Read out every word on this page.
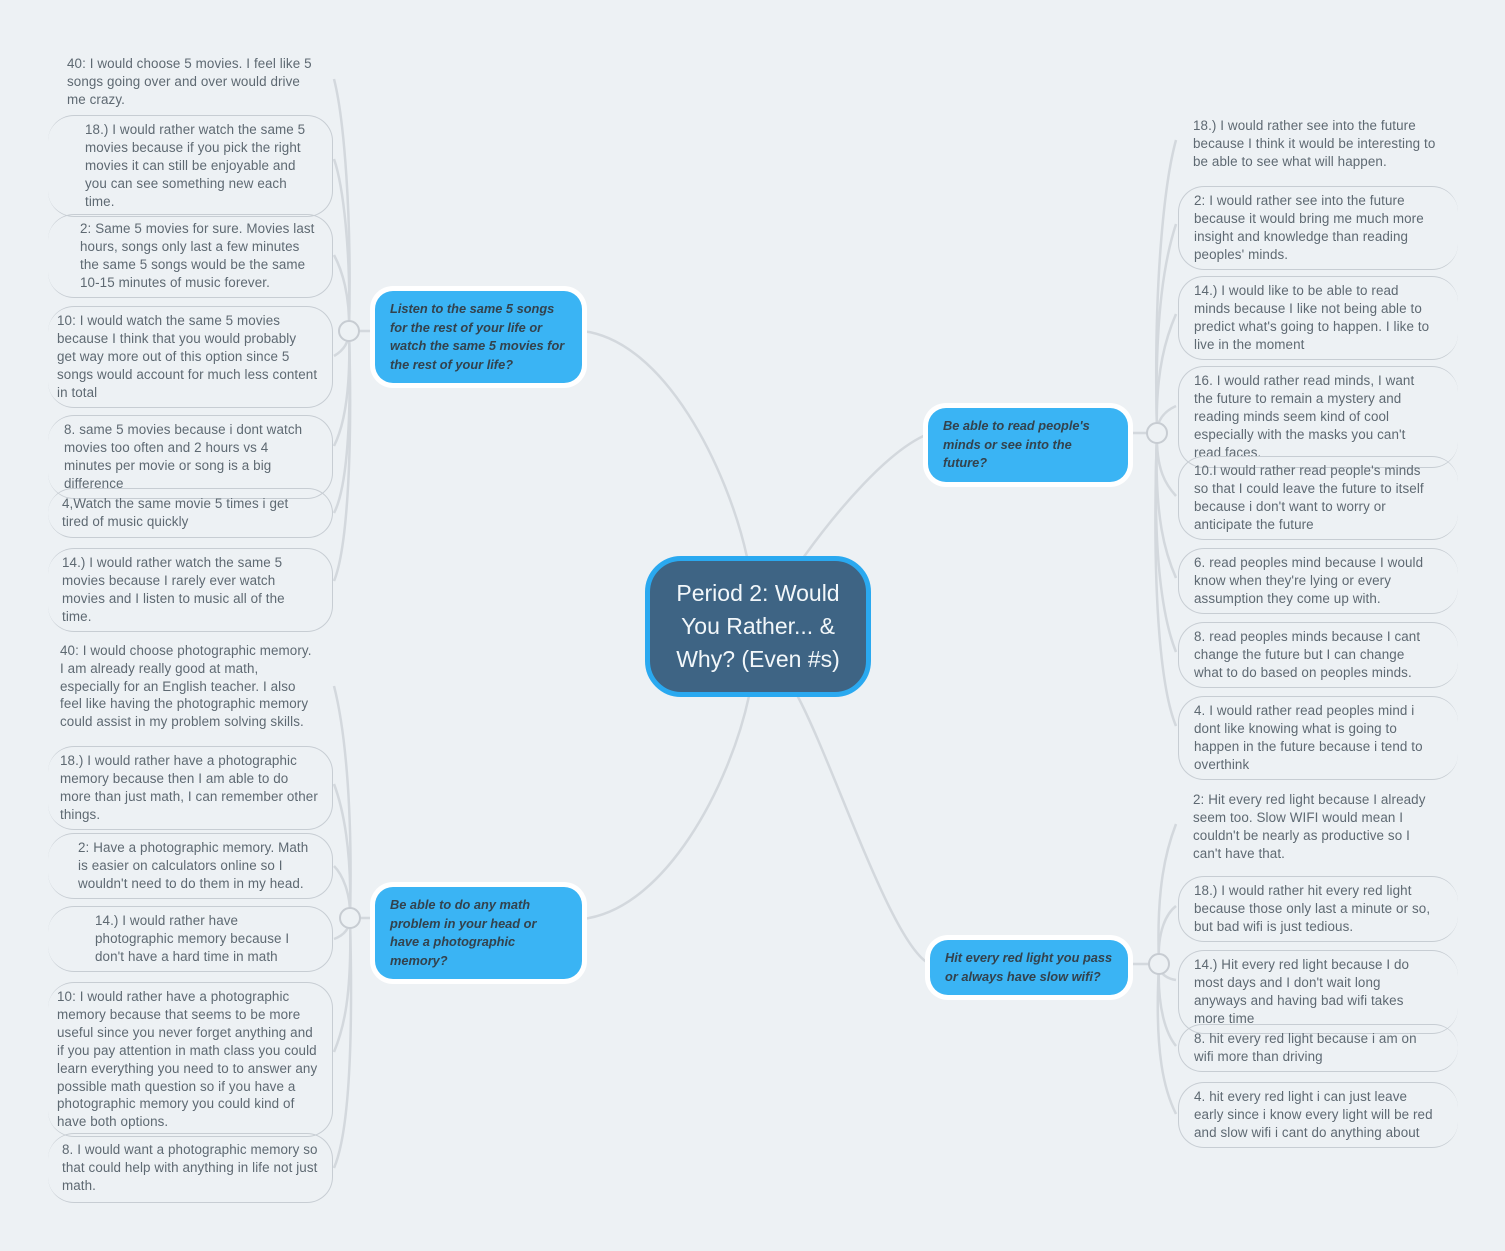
40: I would choose 5 movies. I feel like 5 songs going over and over would drive me crazy.
18.) I would rather watch the same 5 movies because if you pick the right movies it can still be enjoyable and you can see something new each time.
2: Same 5 movies for sure. Movies last hours, songs only last a few minutes the same 5 songs would be the same 10-15 minutes of music forever.
10: I would watch the same 5 movies because I think that you would probably get way more out of this option since 5 songs would account for much less content in total
8. same 5 movies because i dont watch movies too often and 2 hours vs 4 minutes per movie or song is a big difference
4,Watch the same movie 5 times i get tired of music quickly
14.) I would rather watch the same 5 movies because I rarely ever watch movies and I listen to music all of the time.
Listen to the same 5 songs for the rest of your life or watch the same 5 movies for the rest of your life?
18.) I would rather see into the future because I think it would be interesting to be able to see what will happen.
2: I would rather see into the future because it would bring me much more insight and knowledge than reading peoples' minds.
14.) I would like to be able to read minds because I like not being able to predict what's going to happen. I like to live in the moment
16. I would rather read minds, I want the future to remain a mystery and reading minds seem kind of cool especially with the masks you can't read faces.
10.I would rather read people's minds so that I could leave the future to itself because i don't want to worry or anticipate the future
6. read peoples mind because I would know when they're lying or every assumption they come up with.
8. read peoples minds because I cant change the future but I can change what to do based on peoples minds.
4. I would rather read peoples mind i dont like knowing what is going to happen in the future because i tend to overthink
Be able to read people's minds or see into the future?
40: I would choose photographic memory. I am already really good at math, especially for an English teacher. I also feel like having the photographic memory could assist in my problem solving skills.
18.) I would rather have a photographic memory because then I am able to do more than just math, I can remember other things.
2: Have a photographic memory. Math is easier on calculators online so I wouldn't need to do them in my head.
14.) I would rather have photographic memory because I don't have a hard time in math
10: I would rather have a photographic memory because that seems to be more useful since you never forget anything and if you pay attention in math class you could learn everything you need to to answer any possible math question so if you have a photographic memory you could kind of have both options.
8. I would want a photographic memory so that could help with anything in life not just math.
Be able to do any math problem in your head or have a photographic memory?
2: Hit every red light because I already seem too. Slow WIFI would mean I couldn't be nearly as productive so I can't have that.
18.) I would rather hit every red light because those only last a minute or so, but bad wifi is just tedious.
14.) Hit every red light because I do most days and I don't wait long anyways and having bad wifi takes more time
8. hit every red light because i am on wifi more than driving
4. hit every red light i can just leave early since i know every light will be red and slow wifi i cant do anything about
Hit every red light you pass or always have slow wifi?
Period 2: Would You Rather... & Why? (Even #s)
